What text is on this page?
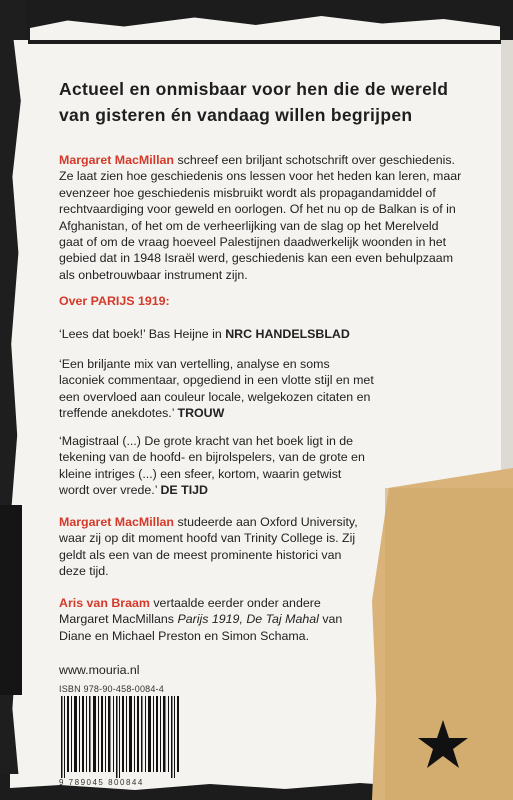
Actueel en onmisbaar voor hen die de wereld van gisteren én vandaag willen begrijpen
Margaret MacMillan schreef een briljant schotschrift over geschiedenis. Ze laat zien hoe geschiedenis ons lessen voor het heden kan leren, maar evenzeer hoe geschiedenis misbruikt wordt als propagandamiddel of rechtvaardiging voor geweld en oorlogen. Of het nu op de Balkan is of in Afghanistan, of het om de verheerlijking van de slag op het Merelveld gaat of om de vraag hoeveel Palestijnen daadwerkelijk woonden in het gebied dat in 1948 Israël werd, geschiedenis kan een even behulpzaam als onbetrouwbaar instrument zijn.
Over PARIJS 1919:
‘Lees dat boek!’ Bas Heijne in NRC HANDELSBLAD
‘Een briljante mix van vertelling, analyse en soms laconiek commentaar, opgediend in een vlotte stijl en met een overvloed aan couleur locale, welgekozen citaten en treffende anekdotes.’ TROUW
‘Magistraal (...) De grote kracht van het boek ligt in de tekening van de hoofd- en bijrolspelers, van de grote en kleine intriges (...) een sfeer, kortom, waarin getwist wordt over vrede.’ DE TIJD
Margaret MacMillan studeerde aan Oxford University, waar zij op dit moment hoofd van Trinity College is. Zij geldt als een van de meest prominente historici van deze tijd.
Aris van Braam vertaalde eerder onder andere Margaret MacMillans Parijs 1919, De Taj Mahal van Diane en Michael Preston en Simon Schama.
www.mouria.nl
ISBN 978-90-458-0084-4
9 789045 800844
